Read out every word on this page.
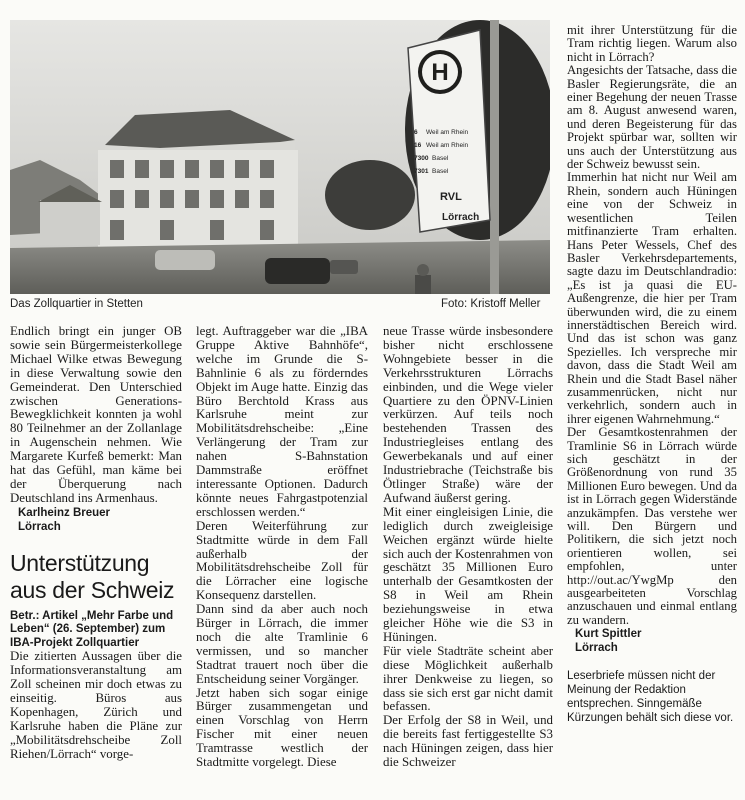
H
6 Weil am Rhein
16 Weil am Rhein
7300 Basel
7301 Basel
RVL
Lörrach
Das Zollquartier in Stetten	Foto: Kristoff Meller

Endlich bringt ein junger OB sowie sein Bürgermeisterkollege Michael Wilke etwas Bewegung in diese Verwaltung sowie den Gemeinderat. Den Unterschied zwischen Generations-Bewegklichkeit konnten ja wohl 80 Teilnehmer an der Zollanlage in Augenschein nehmen. Wie Margarete Kurfeß bemerkt: Man hat das Gefühl, man käme bei der Überquerung nach Deutschland ins Armenhaus.

Karlheinz Breuer
Lörrach
Unterstützung
aus der Schweiz
Betr.: Artikel „Mehr Farbe und Leben“ (26. September) zum IBA-Projekt Zollquartier

Die zitierten Aussagen über die Informationsveranstaltung am Zoll scheinen mir doch etwas zu einseitig. Büros aus Kopenhagen, Zürich und Karlsruhe haben die Pläne zur „Mobilitätsdrehscheibe Zoll Riehen/Lörrach“ vorge-

legt. Auftraggeber war die „IBA Gruppe Aktive Bahnhöfe“, welche im Grunde die S-Bahnlinie 6 als zu förderndes Objekt im Auge hatte. Einzig das Büro Berchtold Krass aus Karlsruhe meint zur Mobilitätsdrehscheibe: „Eine Verlängerung der Tram zur nahen S-Bahnstation Dammstraße eröffnet interessante Optionen. Dadurch könnte neues Fahrgastpotenzial erschlossen werden.“

Deren Weiterführung zur Stadtmitte würde in dem Fall außerhalb der Mobilitätsdrehscheibe Zoll für die Lörracher eine logische Konsequenz darstellen.

Dann sind da aber auch noch Bürger in Lörrach, die immer noch die alte Tramlinie 6 vermissen, und so mancher Stadtrat trauert noch über die Entscheidung seiner Vorgänger.

Jetzt haben sich sogar einige Bürger zusammengetan und einen Vorschlag von Herrn Fischer mit einer neuen Tramtrasse westlich der Stadtmitte vorgelegt. Diese

neue Trasse würde insbesondere bisher nicht erschlossene Wohngebiete besser in die Verkehrsstrukturen Lörrachs einbinden, und die Wege vieler Quartiere zu den ÖPNV-Linien verkürzen. Auf teils noch bestehenden Trassen des Industriegleises entlang des Gewerbekanals und auf einer Industriebrache (Teichstraße bis Ötlinger Straße) wäre der Aufwand äußerst gering.

Mit einer eingleisigen Linie, die lediglich durch zweigleisige Weichen ergänzt würde hielte sich auch der Kostenrahmen von geschätzt 35 Millionen Euro unterhalb der Gesamtkosten der S8 in Weil am Rhein beziehungsweise in etwa gleicher Höhe wie die S3 in Hüningen.

Für viele Stadträte scheint aber diese Möglichkeit außerhalb ihrer Denkweise zu liegen, so dass sie sich erst gar nicht damit befassen.

Der Erfolg der S8 in Weil, und die bereits fast fertiggestellte S3 nach Hüningen zeigen, dass hier die Schweizer

mit ihrer Unterstützung für die Tram richtig liegen. Warum also nicht in Lörrach?

Angesichts der Tatsache, dass die Basler Regierungsräte, die an einer Begehung der neuen Trasse am 8. August anwesend waren, und deren Begeisterung für das Projekt spürbar war, sollten wir uns auch der Unterstützung aus der Schweiz bewusst sein.

Immerhin hat nicht nur Weil am Rhein, sondern auch Hüningen eine von der Schweiz in wesentlichen Teilen mitfinanzierte Tram erhalten. Hans Peter Wessels, Chef des Basler Verkehrsdepartements, sagte dazu im Deutschlandradio: „Es ist ja quasi die EU-Außengrenze, die hier per Tram überwunden wird, die zu einem innerstädtischen Bereich wird. Und das ist schon was ganz Spezielles. Ich verspreche mir davon, dass die Stadt Weil am Rhein und die Stadt Basel näher zusammenrücken, nicht nur verkehrlich, sondern auch in ihrer eigenen Wahrnehmung.“

Der Gesamtkostenrahmen der Tramlinie S6 in Lörrach würde sich geschätzt in der Größenordnung von rund 35 Millionen Euro bewegen. Und da ist in Lörrach gegen Widerstände anzukämpfen. Das verstehe wer will. Den Bürgern und Politikern, die sich jetzt noch orientieren wollen, sei empfohlen, unter http://out.ac/YwgMp den ausgearbeiteten Vorschlag anzuschauen und einmal entlang zu wandern.

Kurt Spittler
Lörrach
Leserbriefe müssen nicht der Meinung der Redaktion entsprechen. Sinngemäße Kürzungen behält sich diese vor.
